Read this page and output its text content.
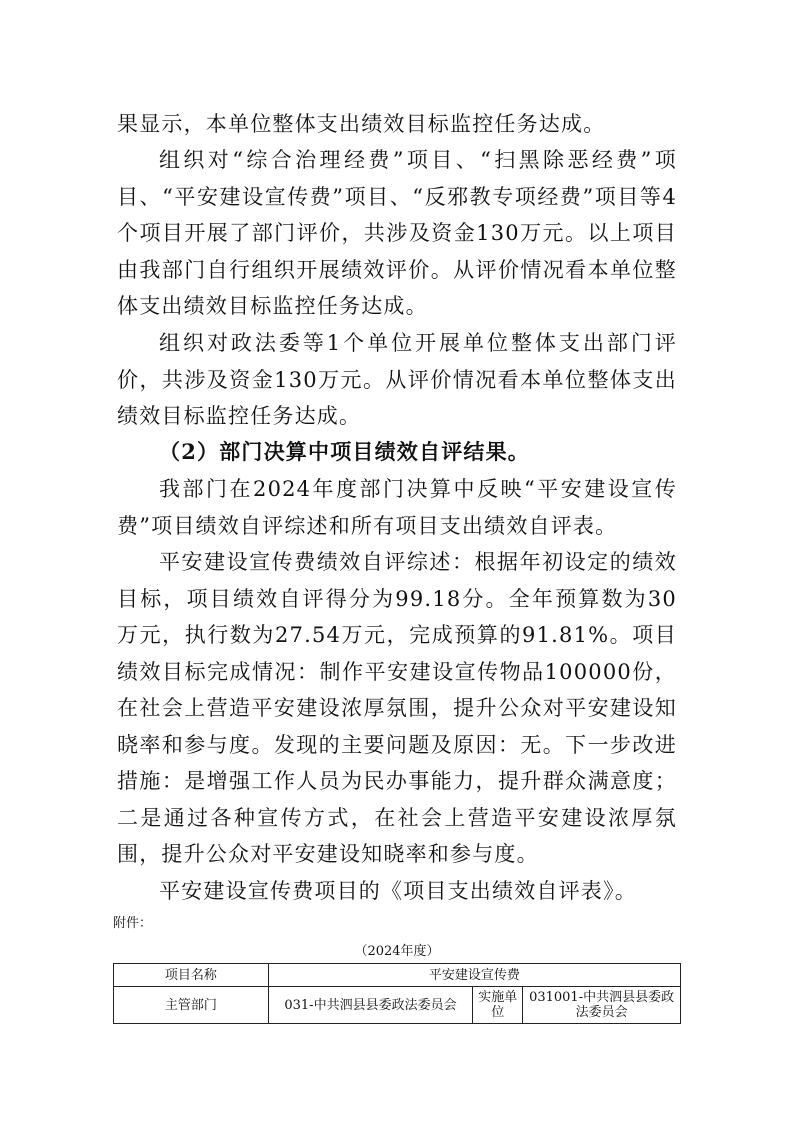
果显示，本单位整体支出绩效目标监控任务达成。

组织对“综合治理经费”项目、“扫黑除恶经费”项目、“平安建设宣传费”项目、“反邪教专项经费”项目等4个项目开展了部门评价，共涉及资金130万元。以上项目由我部门自行组织开展绩效评价。从评价情况看本单位整体支出绩效目标监控任务达成。

组织对政法委等1个单位开展单位整体支出部门评价，共涉及资金130万元。从评价情况看本单位整体支出绩效目标监控任务达成。

（2）部门决算中项目绩效自评结果。

我部门在2024年度部门决算中反映“平安建设宣传费”项目绩效自评综述和所有项目支出绩效自评表。

平安建设宣传费绩效自评综述：根据年初设定的绩效目标，项目绩效自评得分为99.18分。全年预算数为30万元，执行数为27.54万元，完成预算的91.81%。项目绩效目标完成情况：制作平安建设宣传物品100000份，在社会上营造平安建设浓厚氛围，提升公众对平安建设知晓率和参与度。发现的主要问题及原因：无。下一步改进措施：是增强工作人员为民办事能力，提升群众满意度；二是通过各种宣传方式，在社会上营造平安建设浓厚氛围，提升公众对平安建设知晓率和参与度。

平安建设宣传费项目的《项目支出绩效自评表》。

附件：
（2024年度）
项目名称	平安建设宣传费		
主管部门	031-中共泗县县委政法委员会	实施单位	031001-中共泗县县委政法委员会
